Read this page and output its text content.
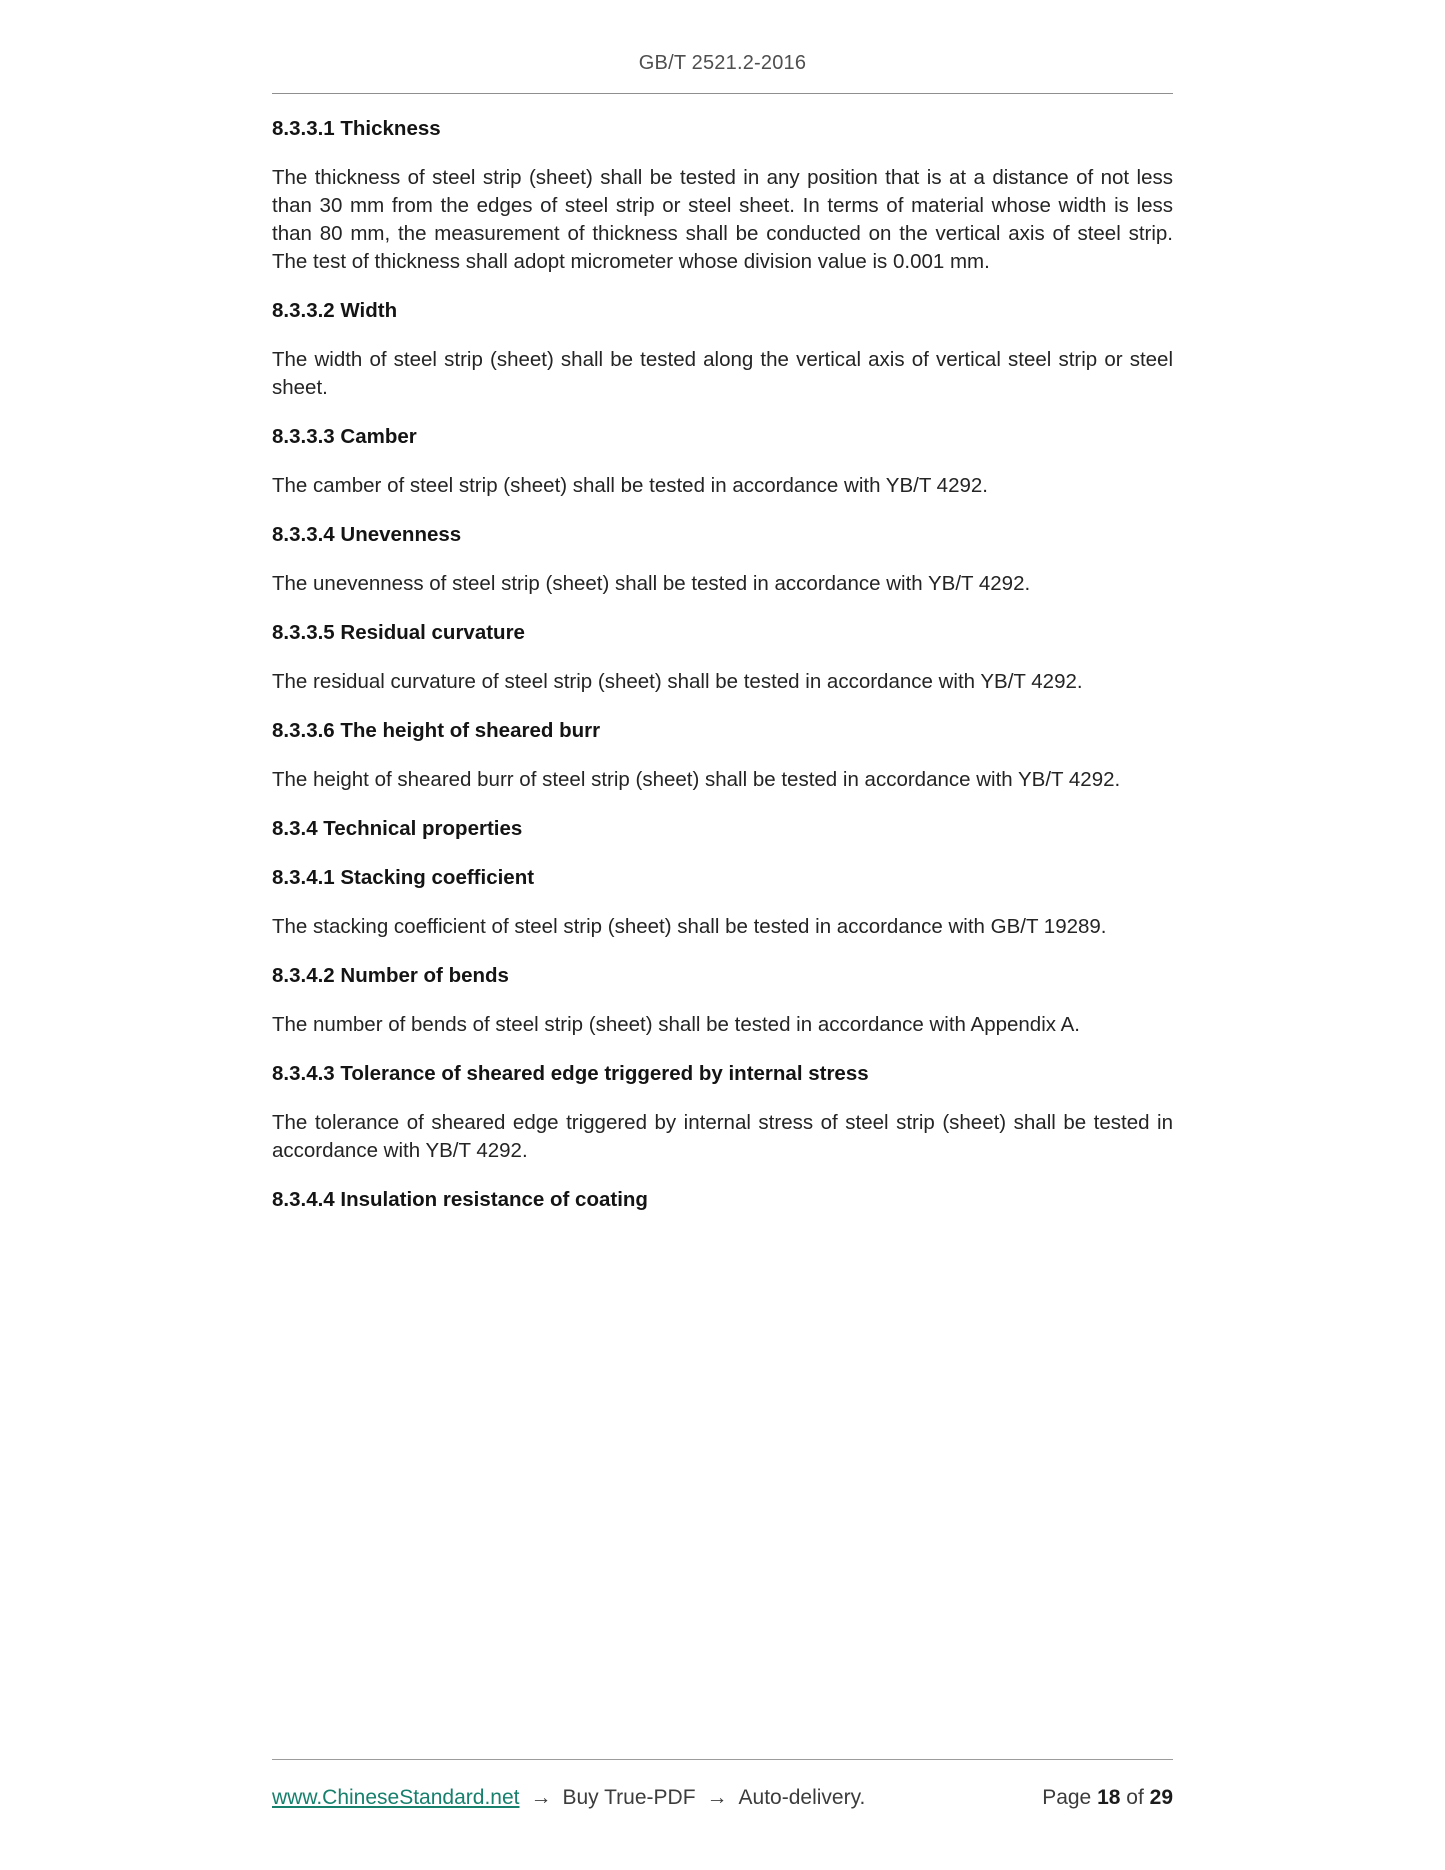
GB/T 2521.2-2016
8.3.3.1 Thickness

The thickness of steel strip (sheet) shall be tested in any position that is at a distance of not less than 30 mm from the edges of steel strip or steel sheet. In terms of material whose width is less than 80 mm, the measurement of thickness shall be conducted on the vertical axis of steel strip. The test of thickness shall adopt micrometer whose division value is 0.001 mm.

8.3.3.2 Width

The width of steel strip (sheet) shall be tested along the vertical axis of vertical steel strip or steel sheet.

8.3.3.3 Camber

The camber of steel strip (sheet) shall be tested in accordance with YB/T 4292.

8.3.3.4 Unevenness

The unevenness of steel strip (sheet) shall be tested in accordance with YB/T 4292.

8.3.3.5 Residual curvature

The residual curvature of steel strip (sheet) shall be tested in accordance with YB/T 4292.

8.3.3.6 The height of sheared burr

The height of sheared burr of steel strip (sheet) shall be tested in accordance with YB/T 4292.

8.3.4 Technical properties
8.3.4.1 Stacking coefficient

The stacking coefficient of steel strip (sheet) shall be tested in accordance with GB/T 19289.

8.3.4.2 Number of bends

The number of bends of steel strip (sheet) shall be tested in accordance with Appendix A.

8.3.4.3 Tolerance of sheared edge triggered by internal stress

The tolerance of sheared edge triggered by internal stress of steel strip (sheet) shall be tested in accordance with YB/T 4292.

8.3.4.4 Insulation resistance of coating
www.ChineseStandard.net → Buy True-PDF → Auto-delivery.	Page 18 of 29
